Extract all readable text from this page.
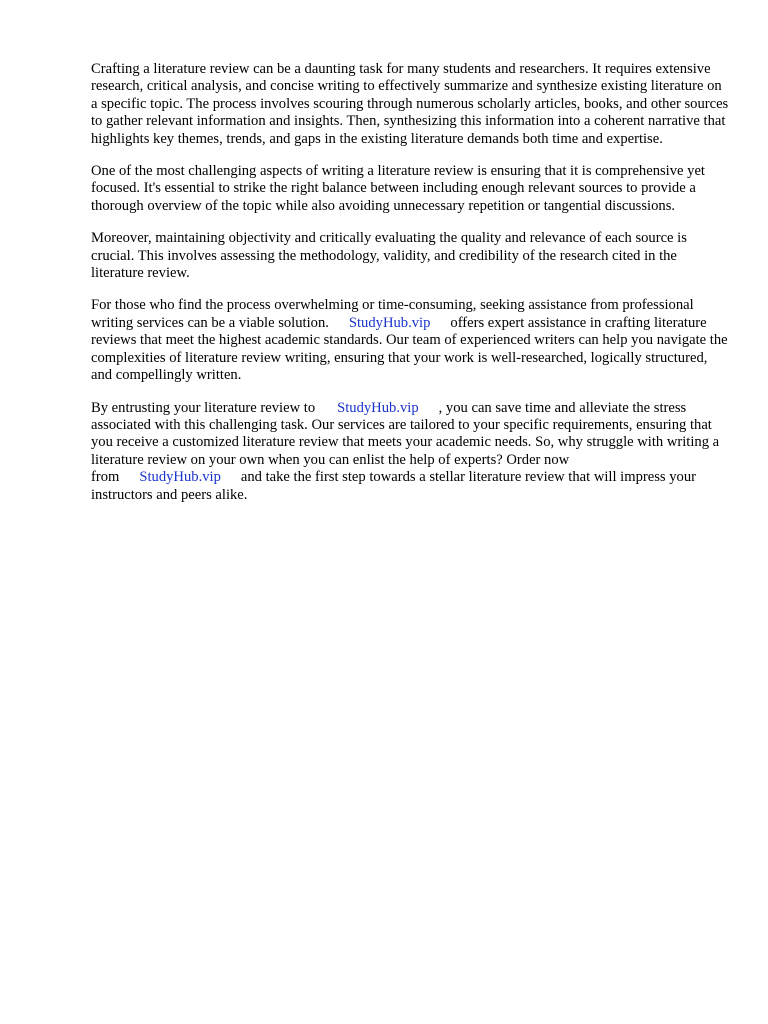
Crafting a literature review can be a daunting task for many students and researchers. It requires extensive research, critical analysis, and concise writing to effectively summarize and synthesize existing literature on a specific topic. The process involves scouring through numerous scholarly articles, books, and other sources to gather relevant information and insights. Then, synthesizing this information into a coherent narrative that highlights key themes, trends, and gaps in the existing literature demands both time and expertise.

One of the most challenging aspects of writing a literature review is ensuring that it is comprehensive yet focused. It's essential to strike the right balance between including enough relevant sources to provide a thorough overview of the topic while also avoiding unnecessary repetition or tangential discussions.

Moreover, maintaining objectivity and critically evaluating the quality and relevance of each source is crucial. This involves assessing the methodology, validity, and credibility of the research cited in the literature review.

For those who find the process overwhelming or time-consuming, seeking assistance from professional writing services can be a viable solution. StudyHub.vip offers expert assistance in crafting literature reviews that meet the highest academic standards. Our team of experienced writers can help you navigate the complexities of literature review writing, ensuring that your work is well-researched, logically structured, and compellingly written.

By entrusting your literature review to StudyHub.vip , you can save time and alleviate the stress associated with this challenging task. Our services are tailored to your specific requirements, ensuring that you receive a customized literature review that meets your academic needs. So, why struggle with writing a literature review on your own when you can enlist the help of experts? Order now from StudyHub.vip and take the first step towards a stellar literature review that will impress your instructors and peers alike.
